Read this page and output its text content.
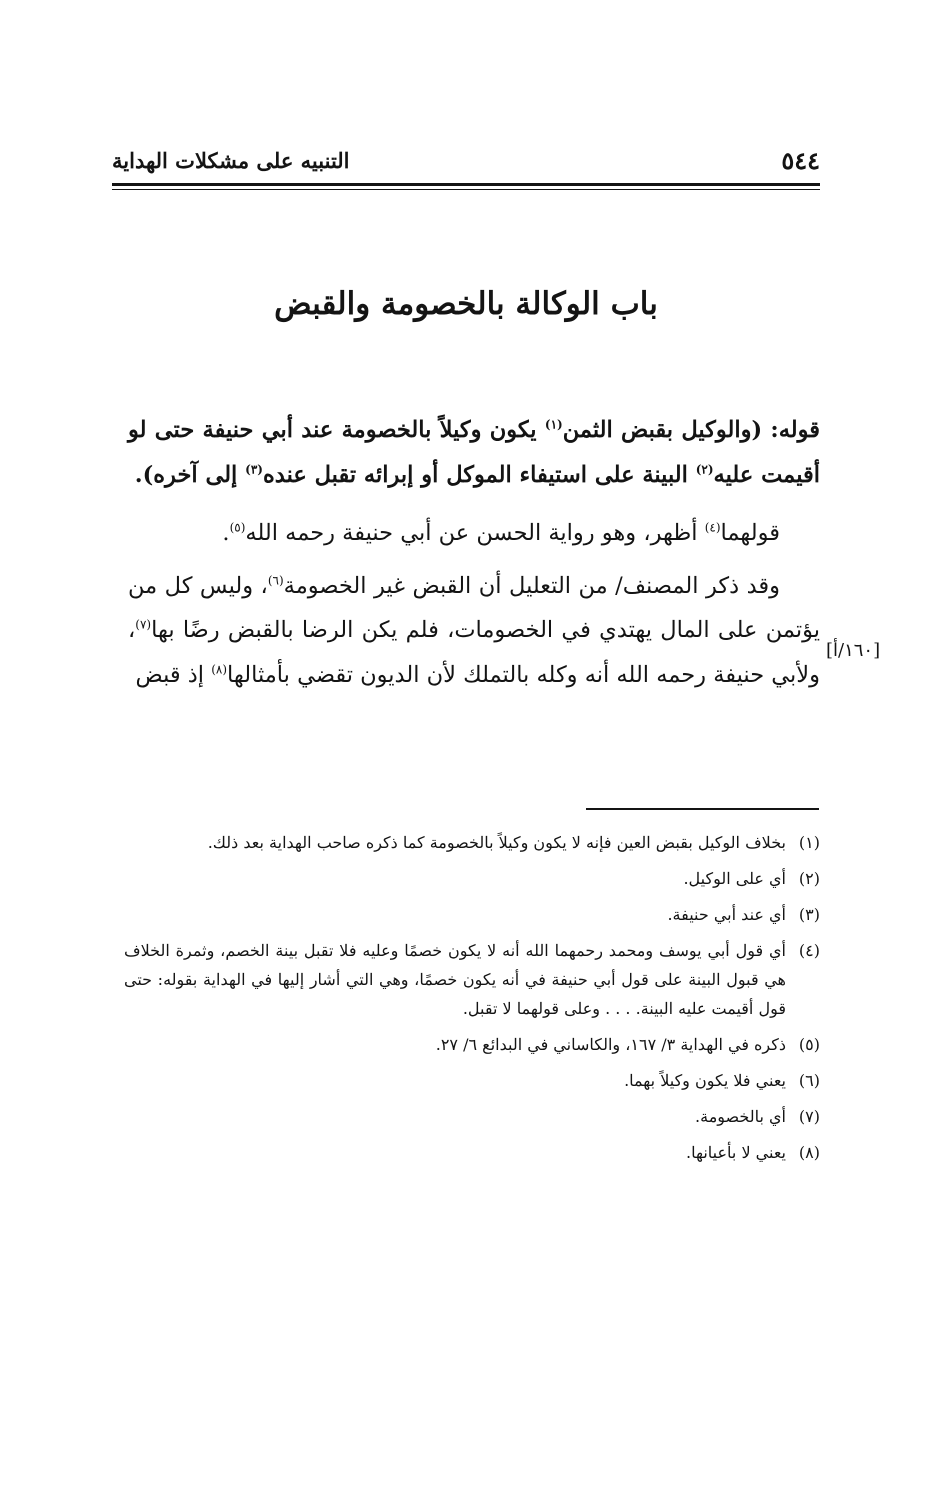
٥٤٤
التنبيه على مشكلات الهداية
باب الوكالة بالخصومة والقبض
[١٦٠/أ]

قوله: (والوكيل بقبض الثمن$^{(١)}$ يكون وكيلاً بالخصومة عند أبي حنيفة حتى لو أقيمت عليه$^{(٢)}$ البينة على استيفاء الموكل أو إبرائه تقبل عنده$^{(٣)}$ إلى آخره).

قولهما$^{(٤)}$ أظهر، وهو رواية الحسن عن أبي حنيفة رحمه الله$^{(٥)}$.

وقد ذكر المصنف/ من التعليل أن القبض غير الخصومة$^{(٦)}$، وليس كل من يؤتمن على المال يهتدي في الخصومات، فلم يكن الرضا بالقبض رضًا بها$^{(٧)}$، ولأبي حنيفة رحمه الله أنه وكله بالتملك لأن الديون تقضي بأمثالها$^{(٨)}$ إذ قبض

(١)
بخلاف الوكيل بقبض العين فإنه لا يكون وكيلاً بالخصومة كما ذكره صاحب الهداية بعد ذلك.
(٢)
أي على الوكيل.
(٣)
أي عند أبي حنيفة.
(٤)
أي قول أبي يوسف ومحمد رحمهما الله أنه لا يكون خصمًا وعليه فلا تقبل بينة الخصم، وثمرة الخلاف هي قبول البينة على قول أبي حنيفة في أنه يكون خصمًا، وهي التي أشار إليها في الهداية بقوله: حتى قول أقيمت عليه البينة. . . . وعلى قولهما لا تقبل.
(٥)
ذكره في الهداية ٣/ ١٦٧، والكاساني في البدائع ٦/ ٢٧.
(٦)
يعني فلا يكون وكيلاً بهما.
(٧)
أي بالخصومة.
(٨)
يعني لا بأعيانها.
